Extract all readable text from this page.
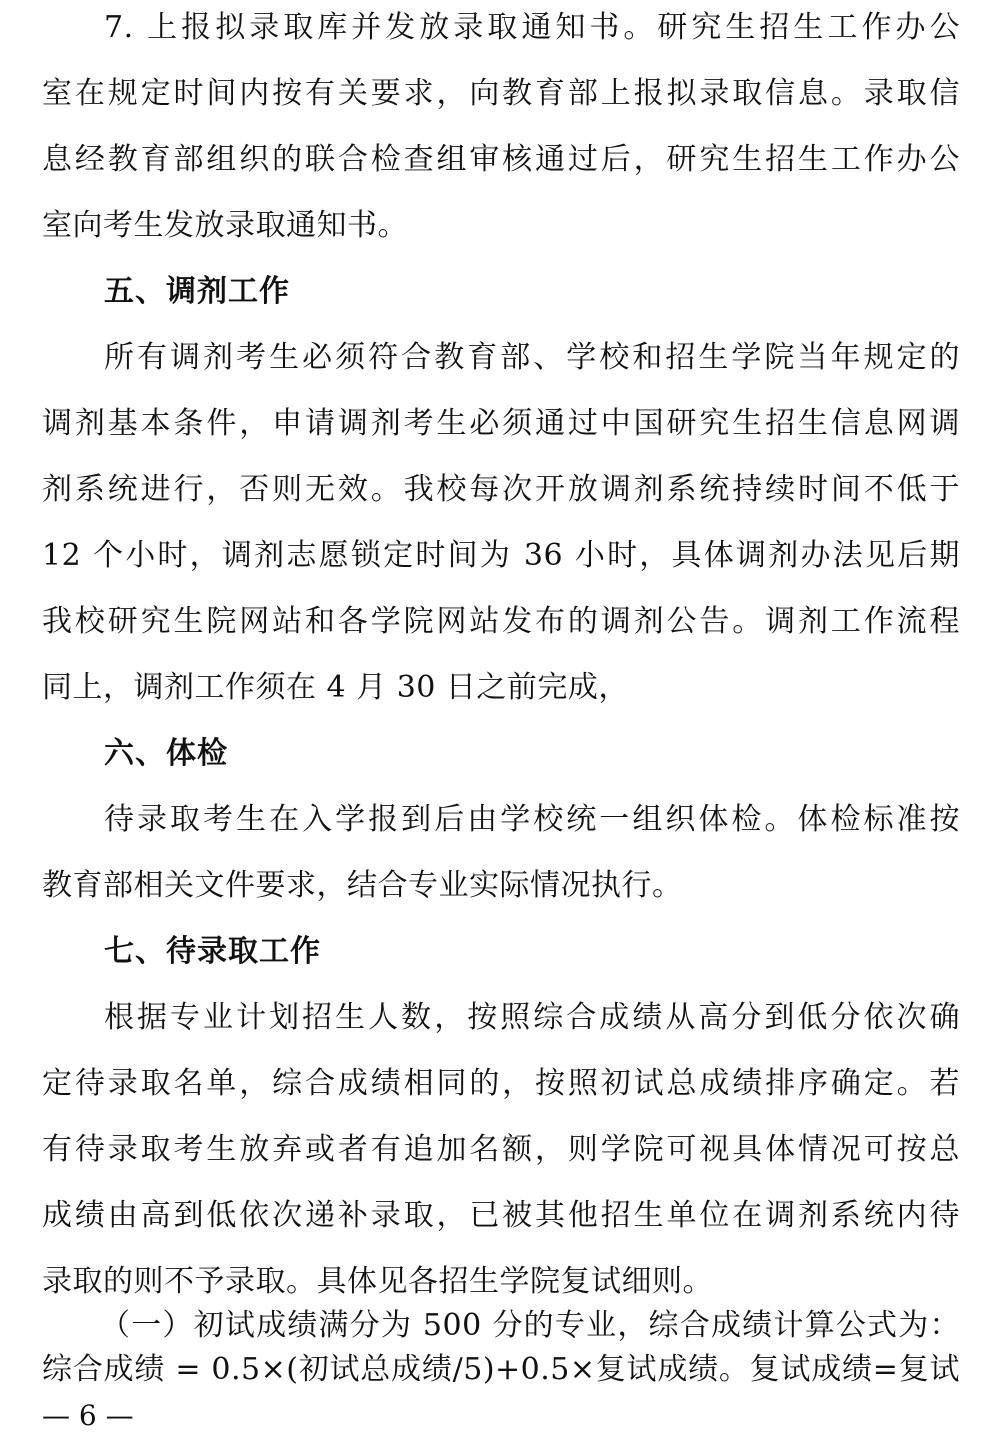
7. 上报拟录取库并发放录取通知书。研究生招生工作办公
室在规定时间内按有关要求，向教育部上报拟录取信息。录取信
息经教育部组织的联合检查组审核通过后，研究生招生工作办公
室向考生发放录取通知书。
五、调剂工作
所有调剂考生必须符合教育部、学校和招生学院当年规定的
调剂基本条件，申请调剂考生必须通过中国研究生招生信息网调
剂系统进行，否则无效。我校每次开放调剂系统持续时间不低于
12 个小时，调剂志愿锁定时间为 36 小时，具体调剂办法见后期
我校研究生院网站和各学院网站发布的调剂公告。调剂工作流程
同上，调剂工作须在 4 月 30 日之前完成，
六、体检
待录取考生在入学报到后由学校统一组织体检。体检标准按
教育部相关文件要求，结合专业实际情况执行。
七、待录取工作
根据专业计划招生人数，按照综合成绩从高分到低分依次确
定待录取名单，综合成绩相同的，按照初试总成绩排序确定。若
有待录取考生放弃或者有追加名额，则学院可视具体情况可按总
成绩由高到低依次递补录取，已被其他招生单位在调剂系统内待
录取的则不予录取。具体见各招生学院复试细则。
（一）初试成绩满分为 500 分的专业，综合成绩计算公式为：
综合成绩 = 0.5×(初试总成绩/5)+0.5×复试成绩。复试成绩=复试
— 6 —
